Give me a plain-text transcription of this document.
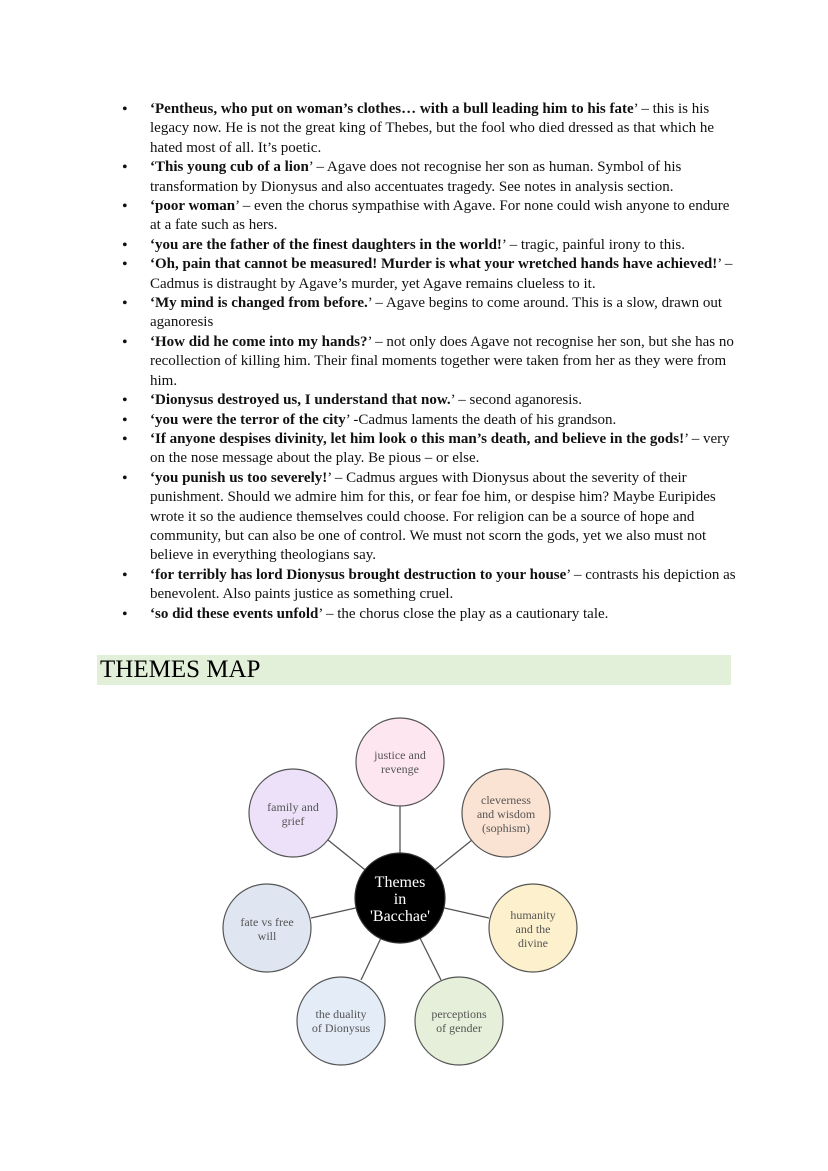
• ‘Pentheus, who put on woman’s clothes… with a bull leading him to his fate’ – this is his legacy now. He is not the great king of Thebes, but the fool who died dressed as that which he hated most of all. It’s poetic.
• ‘This young cub of a lion’ – Agave does not recognise her son as human. Symbol of his transformation by Dionysus and also accentuates tragedy. See notes in analysis section.
• ‘poor woman’ – even the chorus sympathise with Agave. For none could wish anyone to endure at a fate such as hers.
• ‘you are the father of the finest daughters in the world!’ – tragic, painful irony to this.
• ‘Oh, pain that cannot be measured! Murder is what your wretched hands have achieved!’ – Cadmus is distraught by Agave’s murder, yet Agave remains clueless to it.
• ‘My mind is changed from before.’ – Agave begins to come around. This is a slow, drawn out aganoresis
• ‘How did he come into my hands?’ – not only does Agave not recognise her son, but she has no recollection of killing him. Their final moments together were taken from her as they were from him.
• ‘Dionysus destroyed us, I understand that now.’ – second aganoresis.
• ‘you were the terror of the city’ -Cadmus laments the death of his grandson.
• ‘If anyone despises divinity, let him look o this man’s death, and believe in the gods!’ – very on the nose message about the play. Be pious – or else.
• ‘you punish us too severely!’ – Cadmus argues with Dionysus about the severity of their punishment. Should we admire him for this, or fear foe him, or despise him? Maybe Euripides wrote it so the audience themselves could choose. For religion can be a source of hope and community, but can also be one of control. We must not scorn the gods, yet we also must not believe in everything theologians say.
• ‘for terribly has lord Dionysus brought destruction to your house’ – contrasts his depiction as benevolent. Also paints justice as something cruel.
• ‘so did these events unfold’ – the chorus close the play as a cautionary tale.
THEMES MAP
justice and
revenge
cleverness
and wisdom
(sophism)
humanity
and the
divine
perceptions
of gender
the duality
of Dionysus
fate vs free
will
family and
grief
Themes
in
'Bacchae'
